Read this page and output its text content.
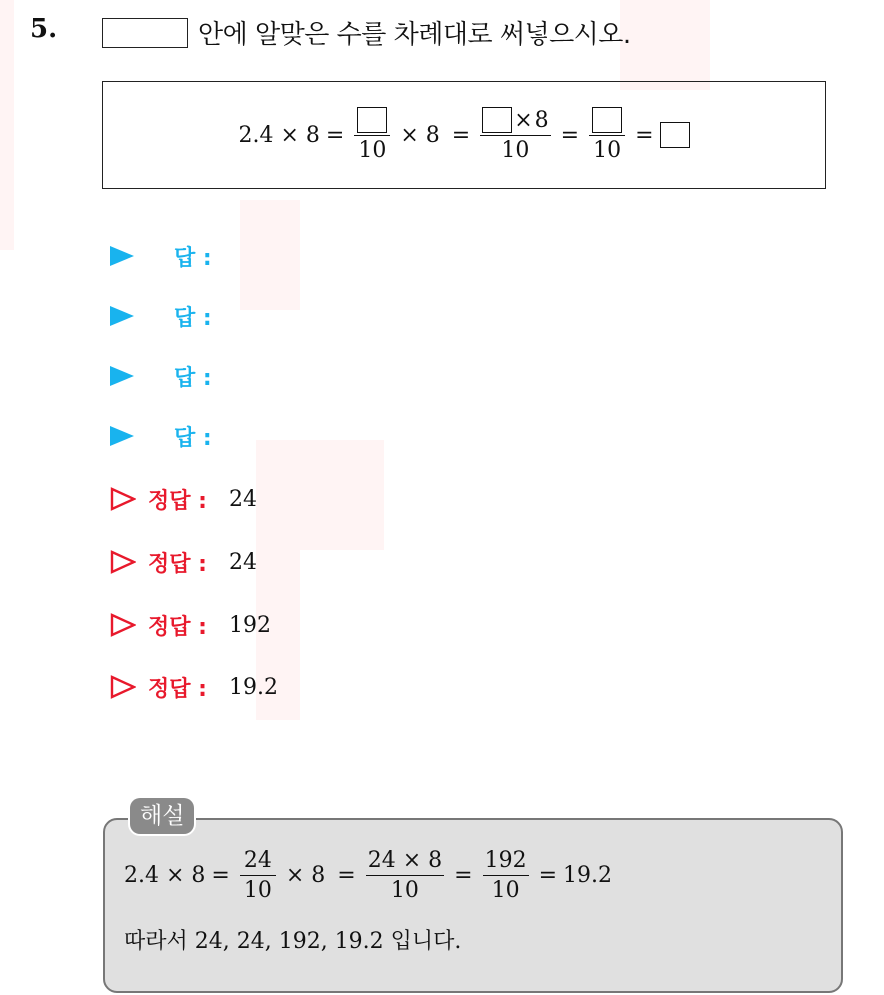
5.	안에 알맞은 수를 차례대로 써넣으시오.
2.4 × 8 =
10
× $8 = \frac{\times 8}{10}$ =
10
=
답 :
답 :
답 :
답 :
정답 : 24
정답 : 24
정답 : 192
정답 : 19.2
해설
$2.4 \times 8 = \frac{24}{10} \times 8 = \frac{24 \times 8}{10} = \frac{192}{10} = 19.2$
따라서 24, 24, 192, 19.2 입니다.
